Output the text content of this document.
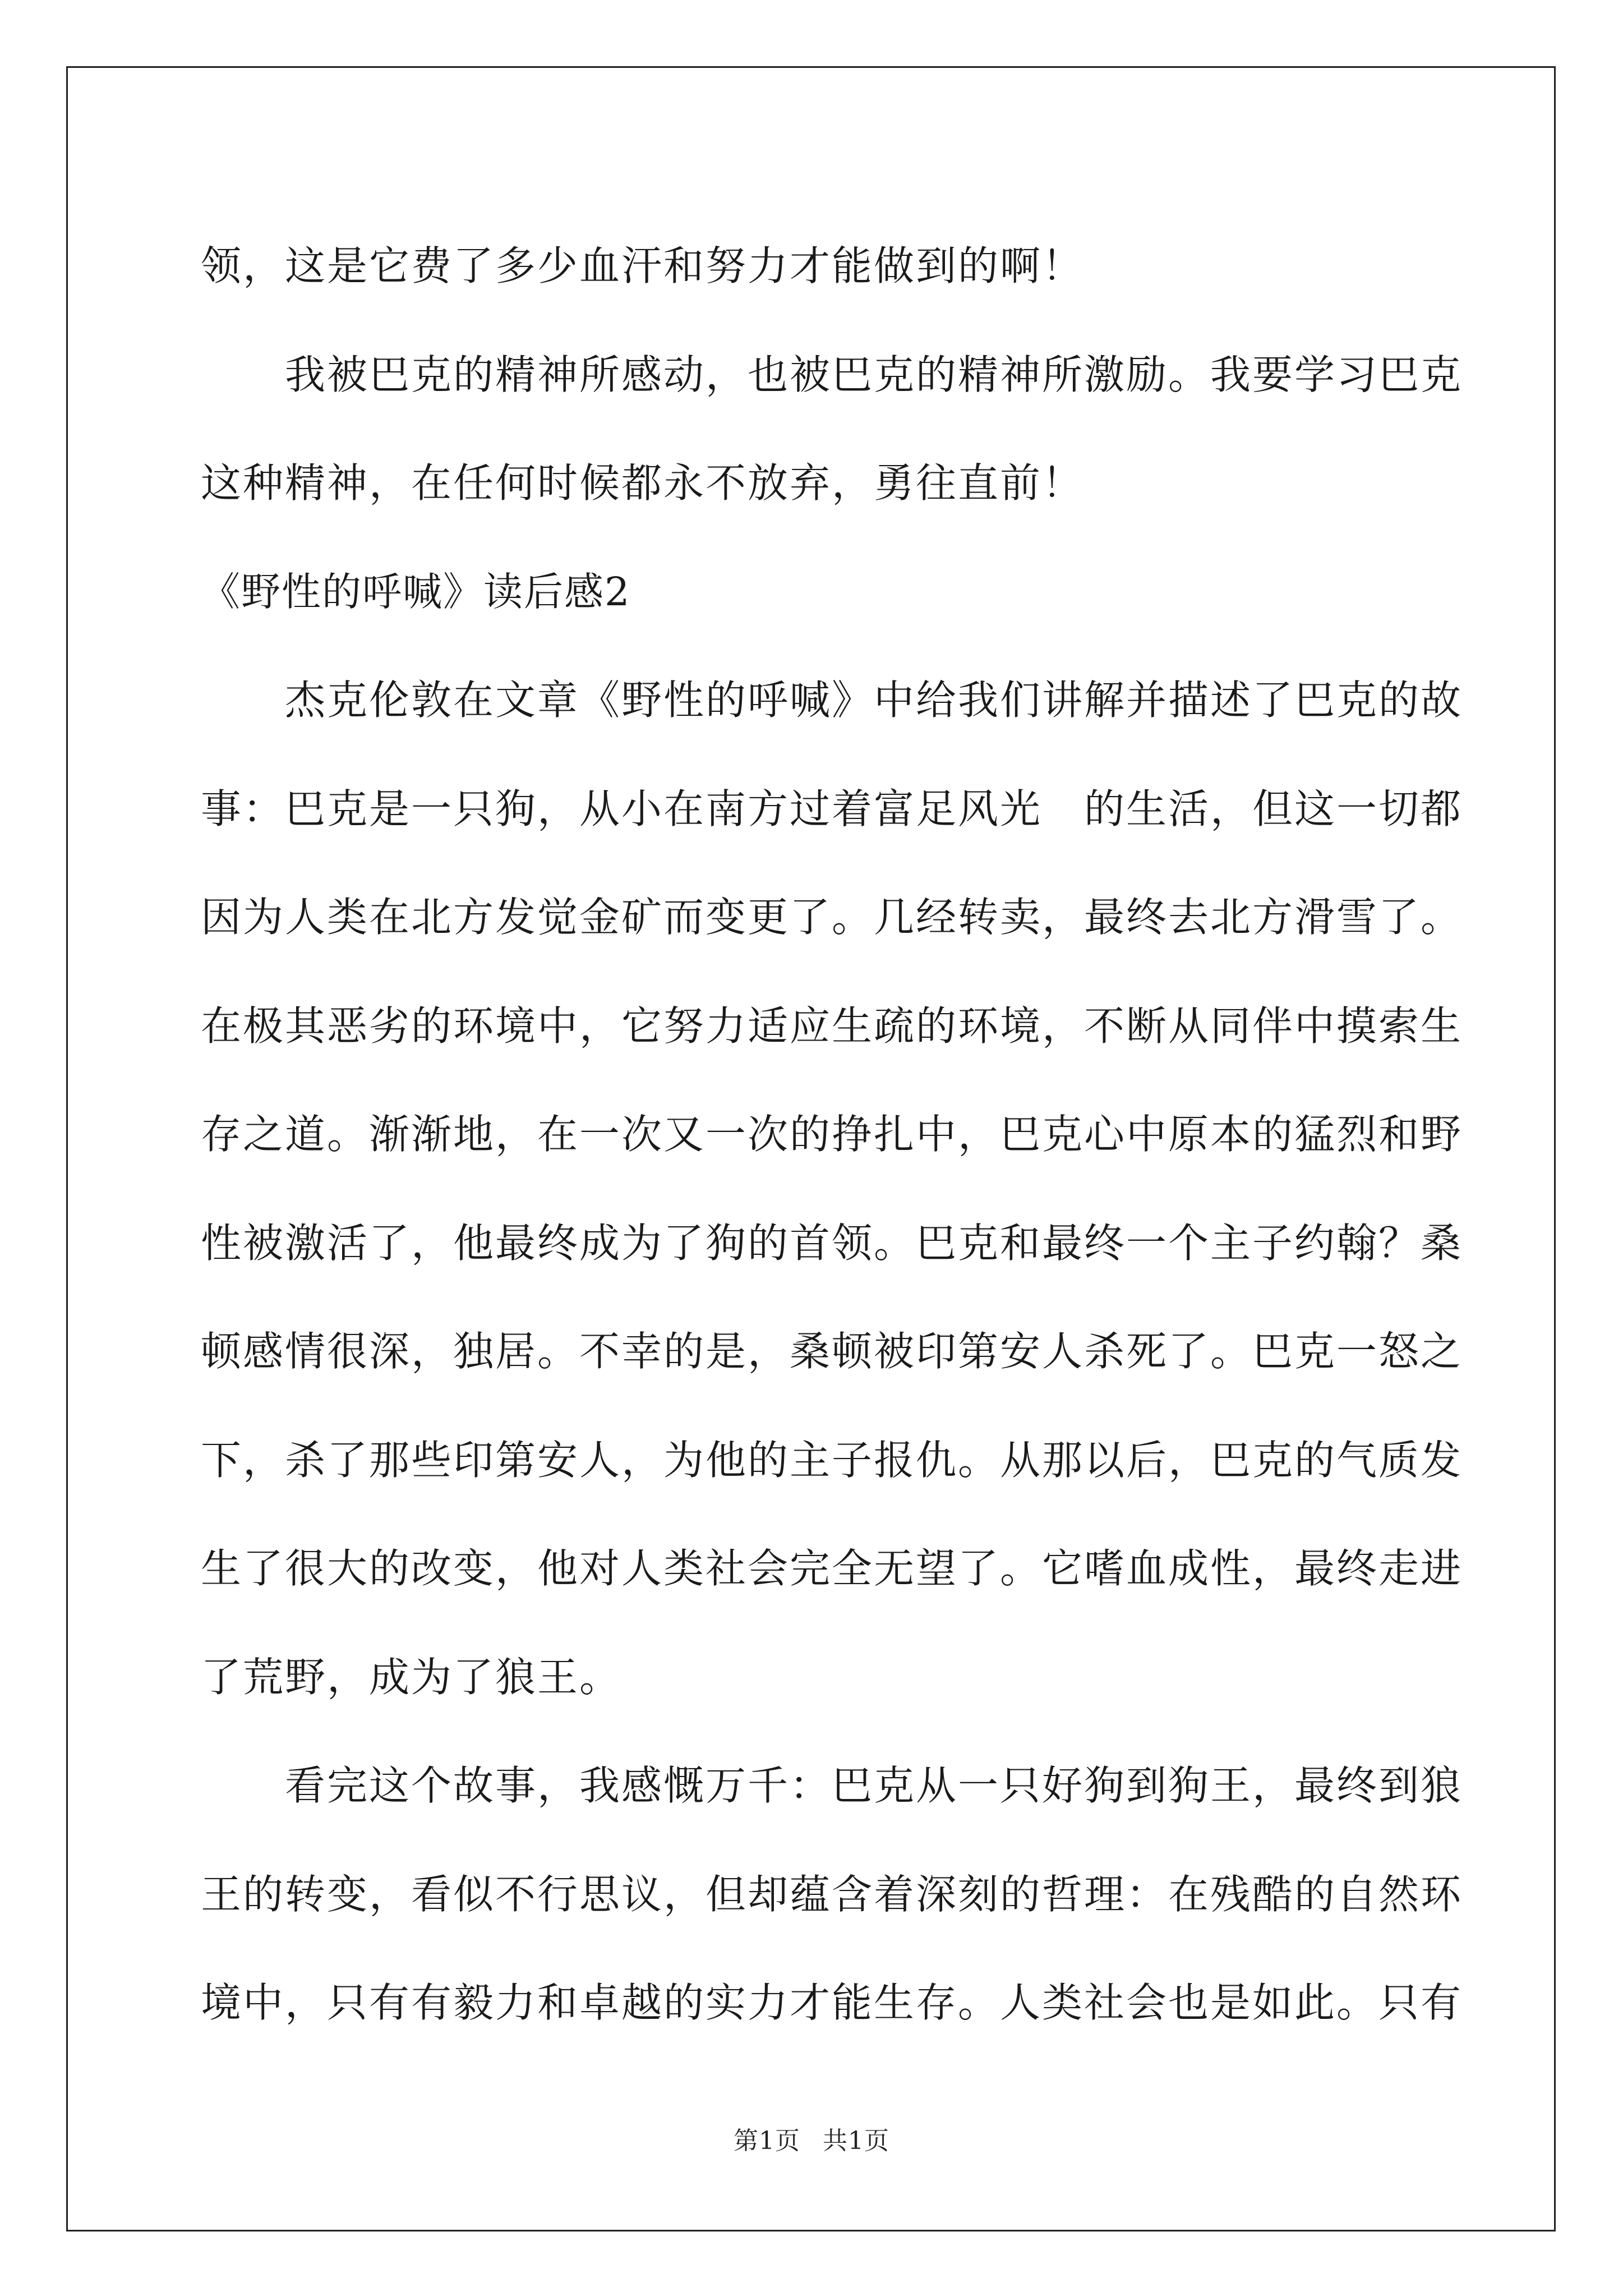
领，这是它费了多少血汗和努力才能做到的啊！
我被巴克的精神所感动，也被巴克的精神所激励。我要学习巴克
这种精神，在任何时候都永不放弃，勇往直前！
《野性的呼喊》读后感2
杰克伦敦在文章《野性的呼喊》中给我们讲解并描述了巴克的故
事：巴克是一只狗，从小在南方过着富足风光　的生活，但这一切都
因为人类在北方发觉金矿而变更了。几经转卖，最终去北方滑雪了。
在极其恶劣的环境中，它努力适应生疏的环境，不断从同伴中摸索生
存之道。渐渐地，在一次又一次的挣扎中，巴克心中原本的猛烈和野
性被激活了，他最终成为了狗的首领。巴克和最终一个主子约翰？桑
顿感情很深，独居。不幸的是，桑顿被印第安人杀死了。巴克一怒之
下，杀了那些印第安人，为他的主子报仇。从那以后，巴克的气质发
生了很大的改变，他对人类社会完全无望了。它嗜血成性，最终走进
了荒野，成为了狼王。
看完这个故事，我感慨万千：巴克从一只好狗到狗王，最终到狼
王的转变，看似不行思议，但却蕴含着深刻的哲理：在残酷的自然环
境中，只有有毅力和卓越的实力才能生存。人类社会也是如此。只有
第1页 共1页
